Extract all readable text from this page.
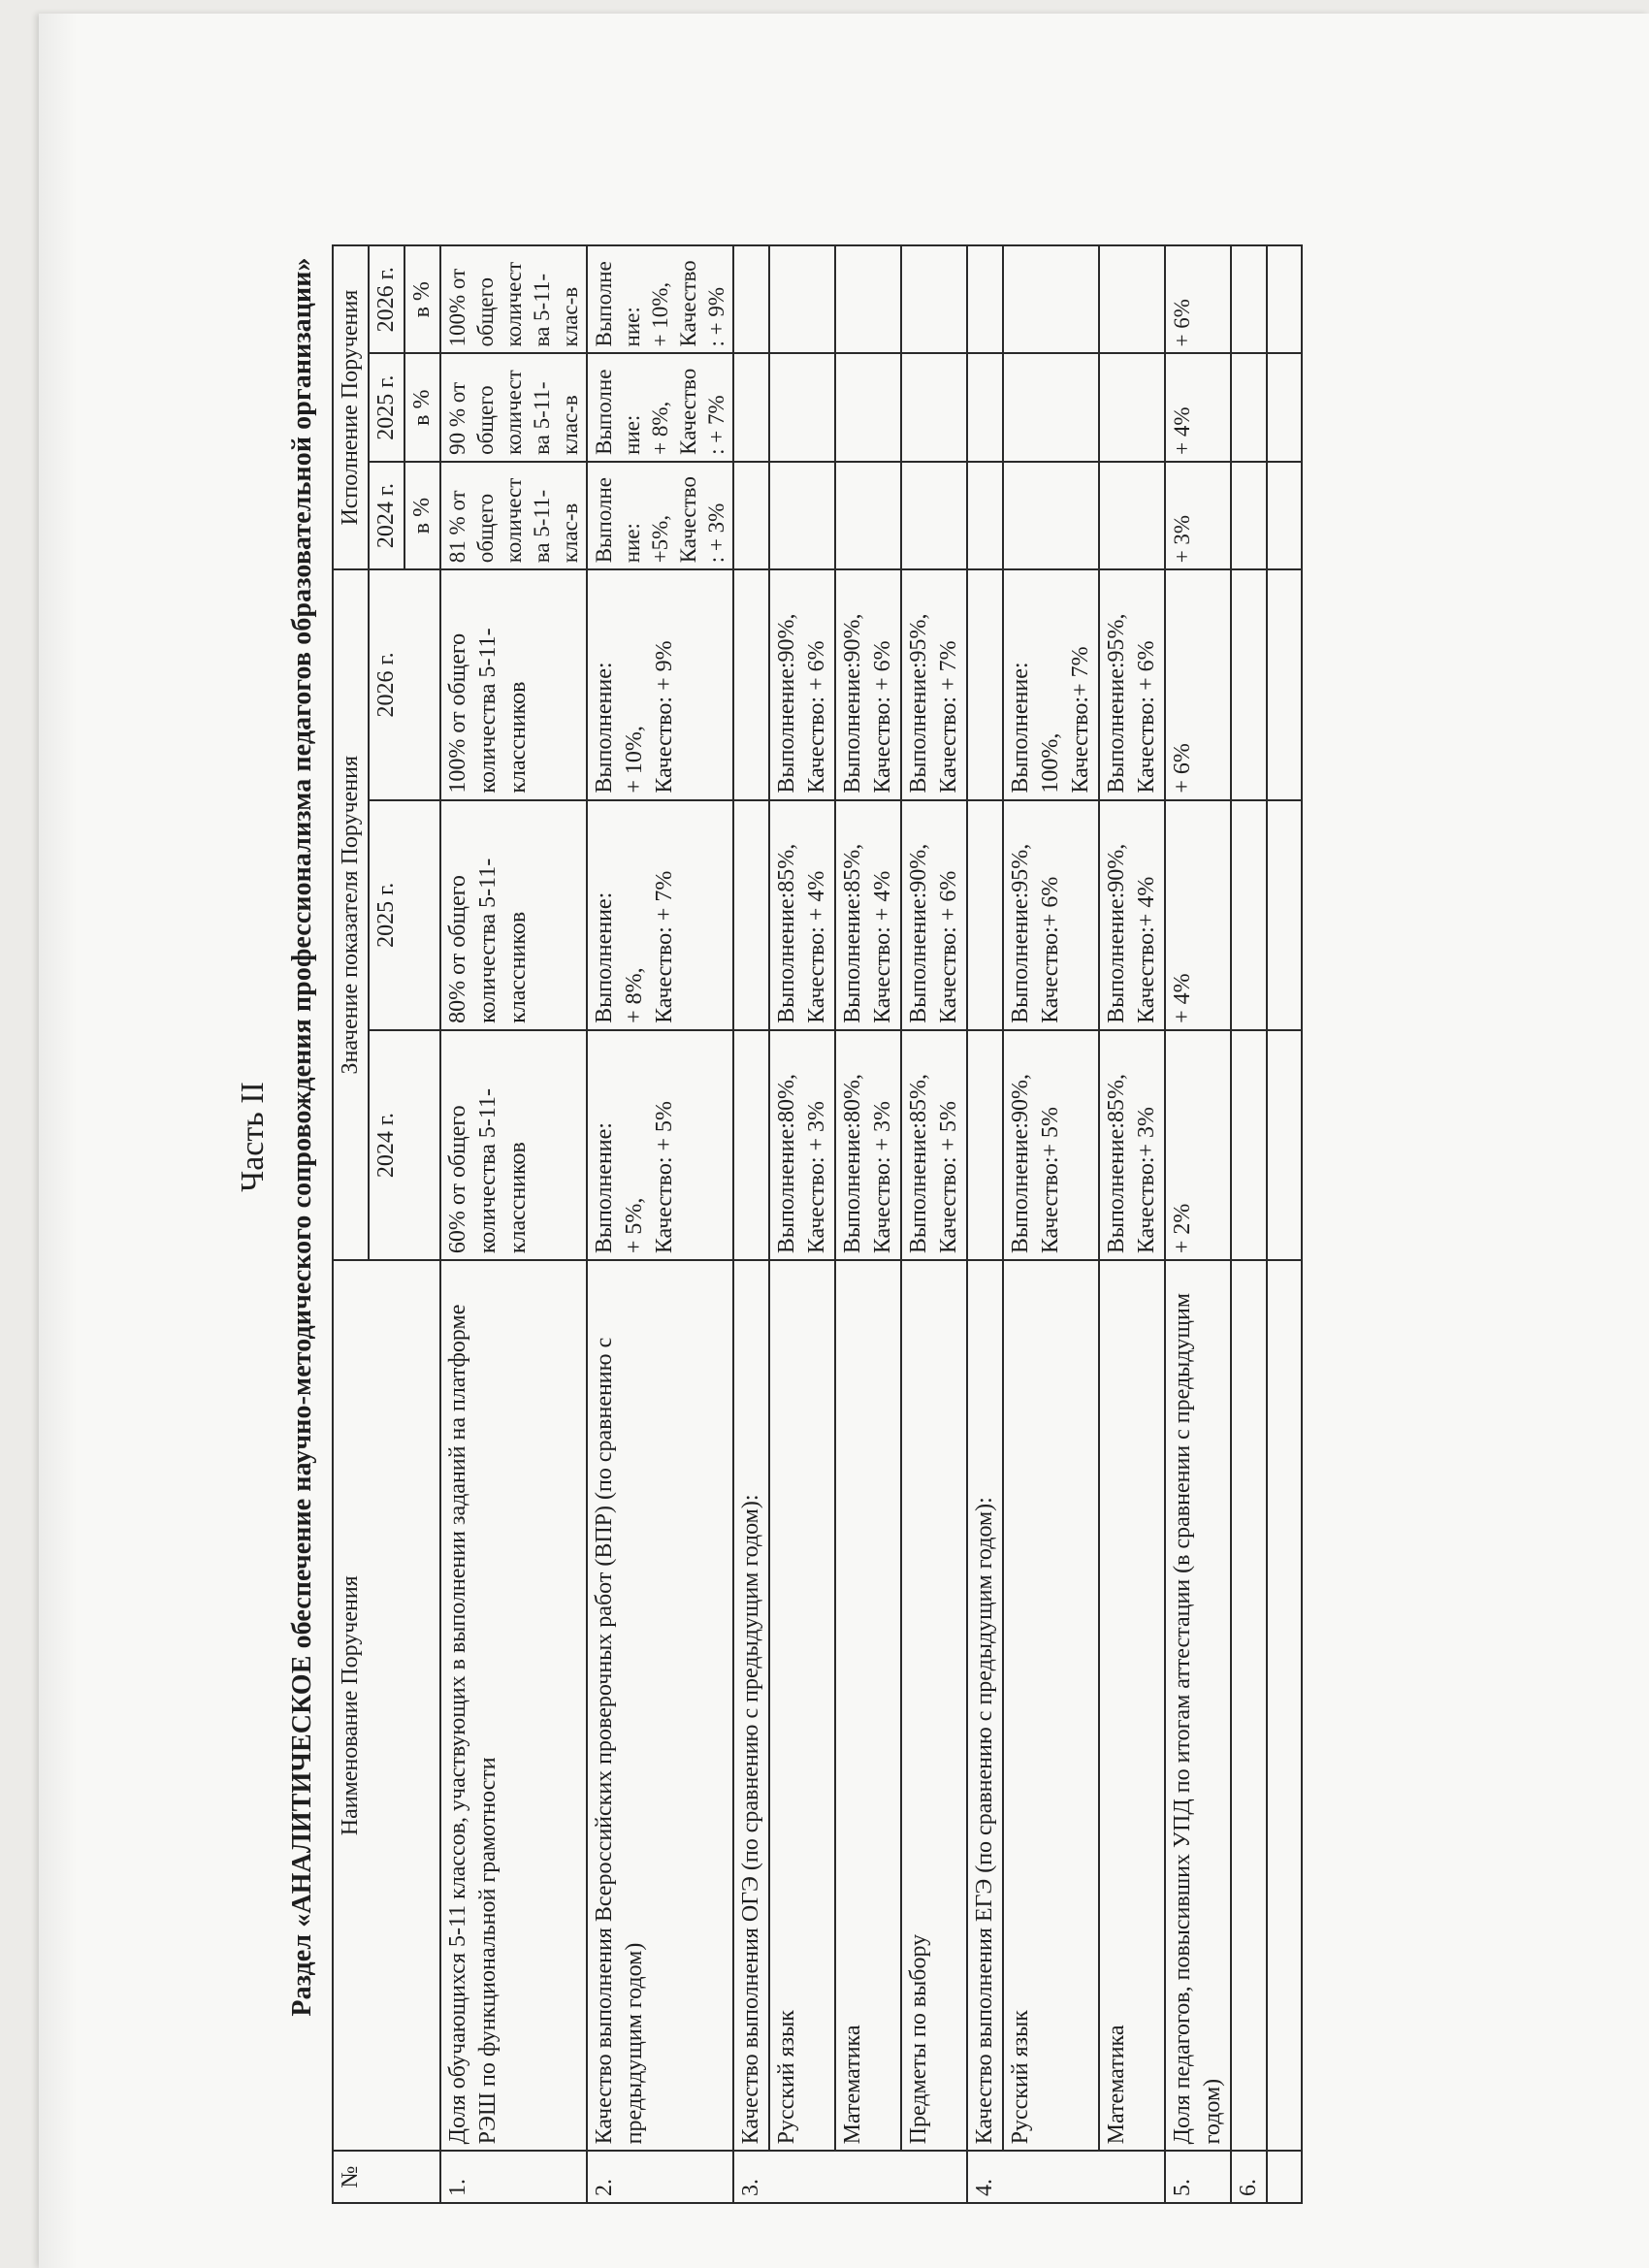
Часть II Раздел «АНАЛИТИЧЕСКОЕ обеспечение научно-методического сопровождения профессионализма педагогов образовательной организации»
№	Наименование Поручения	Значение показателя Поручения			Исполнение Поручения		
		2024 г.	2025 г.	2026 г.	2024 г.	2025 г.	2026 г.
					в %	в %	в %
1.	Доля обучающихся 5-11 классов, участвующих в выполнении заданий на платформе РЭШ по функциональной грамотности	60% от общего количества 5-11-классников	80% от общего количества 5-11-классников	100% от общего количества 5-11-классников	81 % от общего количест ва 5-11-клас-в	90 % от общего количест ва 5-11-клас-в	100% от общего количест ва 5-11-клас-в
2.	Качество выполнения Всероссийских проверочных работ (ВПР) (по сравнению с предыдущим годом)	Выполнение:
+ 5%,
Качество: + 5%	Выполнение:
+ 8%,
Качество: + 7%	Выполнение:
+ 10%,
Качество: + 9%	Выполне ние:
+5%,
Качество : + 3%	Выполне ние:
+ 8%,
Качество : + 7%	Выполне ние:
+ 10%,
Качество : + 9%
3.	Качество выполнения ОГЭ (по сравнению с предыдущим годом):						
	Русский язык	Выполнение:80%,
Качество: + 3%	Выполнение:85%,
Качество: + 4%	Выполнение:90%,
Качество: + 6%			
	Математика	Выполнение:80%,
Качество: + 3%	Выполнение:85%,
Качество: + 4%	Выполнение:90%,
Качество: + 6%			
	Предметы по выбору	Выполнение:85%,
Качество: + 5%	Выполнение:90%,
Качество: + 6%	Выполнение:95%,
Качество: + 7%			
4.	Качество выполнения ЕГЭ (по сравнению с предыдущим годом):						
	Русский язык	Выполнение:90%,
Качество:+ 5%	Выполнение:95%,
Качество:+ 6%	Выполнение:
100%,
Качество:+ 7%			
	Математика	Выполнение:85%,
Качество:+ 3%	Выполнение:90%,
Качество:+ 4%	Выполнение:95%,
Качество: + 6%			
5.	Доля педагогов, повысивших УПД по итогам аттестации (в сравнении с предыдущим годом)	+ 2%	+ 4%	+ 6%	+ 3%	+ 4%	+ 6%
6.							
